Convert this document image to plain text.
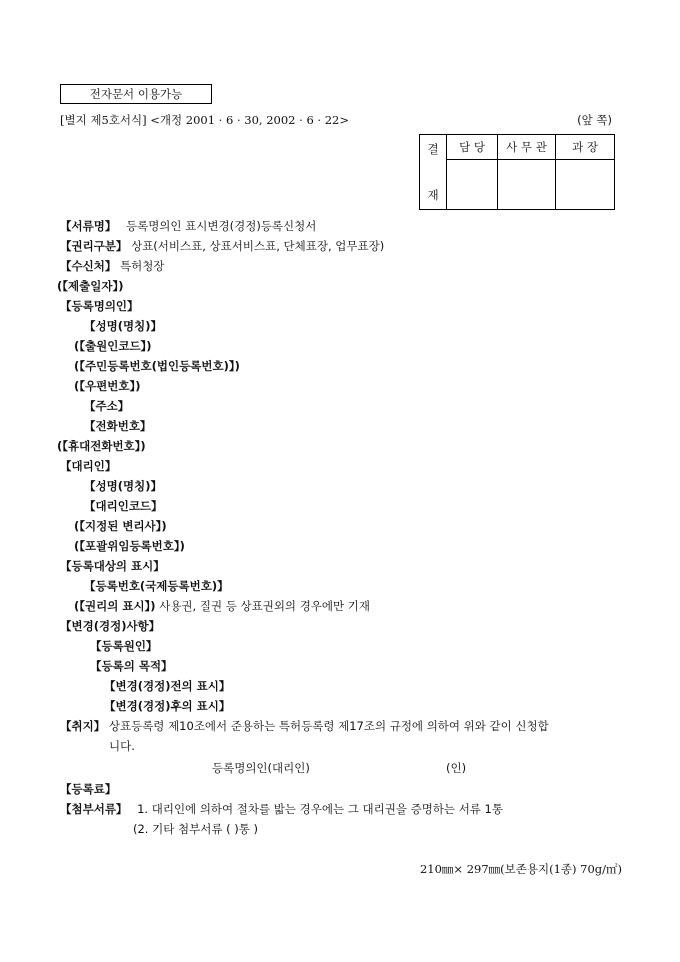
전자문서 이용가능
[별지 제5호서식] <개정 2001 · 6 · 30, 2002 · 6 · 22>	(앞 쪽)
결
재	담 당	사 무 관	과 장

【서류명】 등록명의인 표시변경(경정)등록신청서
【권리구분】 상표(서비스표, 상표서비스표, 단체표장, 업무표장)
【수신처】 특허청장
(【제출일자】)
【등록명의인】
【성명(명칭)】
(【출원인코드】)
(【주민등록번호(법인등록번호)】)
(【우편번호】)
【주소】
【전화번호】
(【휴대전화번호】)
【대리인】
【성명(명칭)】
【대리인코드】
(【지정된 변리사】)
(【포괄위임등록번호】)
【등록대상의 표시】
【등록번호(국제등록번호)】
(【권리의 표시】) 사용권, 질권 등 상표권외의 경우에만 기재
【변경(경정)사항】
【등록원인】
【등록의 목적】
【변경(경정)전의 표시】
【변경(경정)후의 표시】
【취지】 상표등록령 제10조에서 준용하는 특허등록령 제17조의 규정에 의하여 위와 같이 신청합
니다.
등록명의인(대리인)	(인)
【등록료】
【첨부서류】 1. 대리인에 의하여 절차를 밟는 경우에는 그 대리권을 증명하는 서류 1통
(2. 기타 첨부서류 ( )통 )
210㎜× 297㎜(보존용지(1종) 70g/㎡)
